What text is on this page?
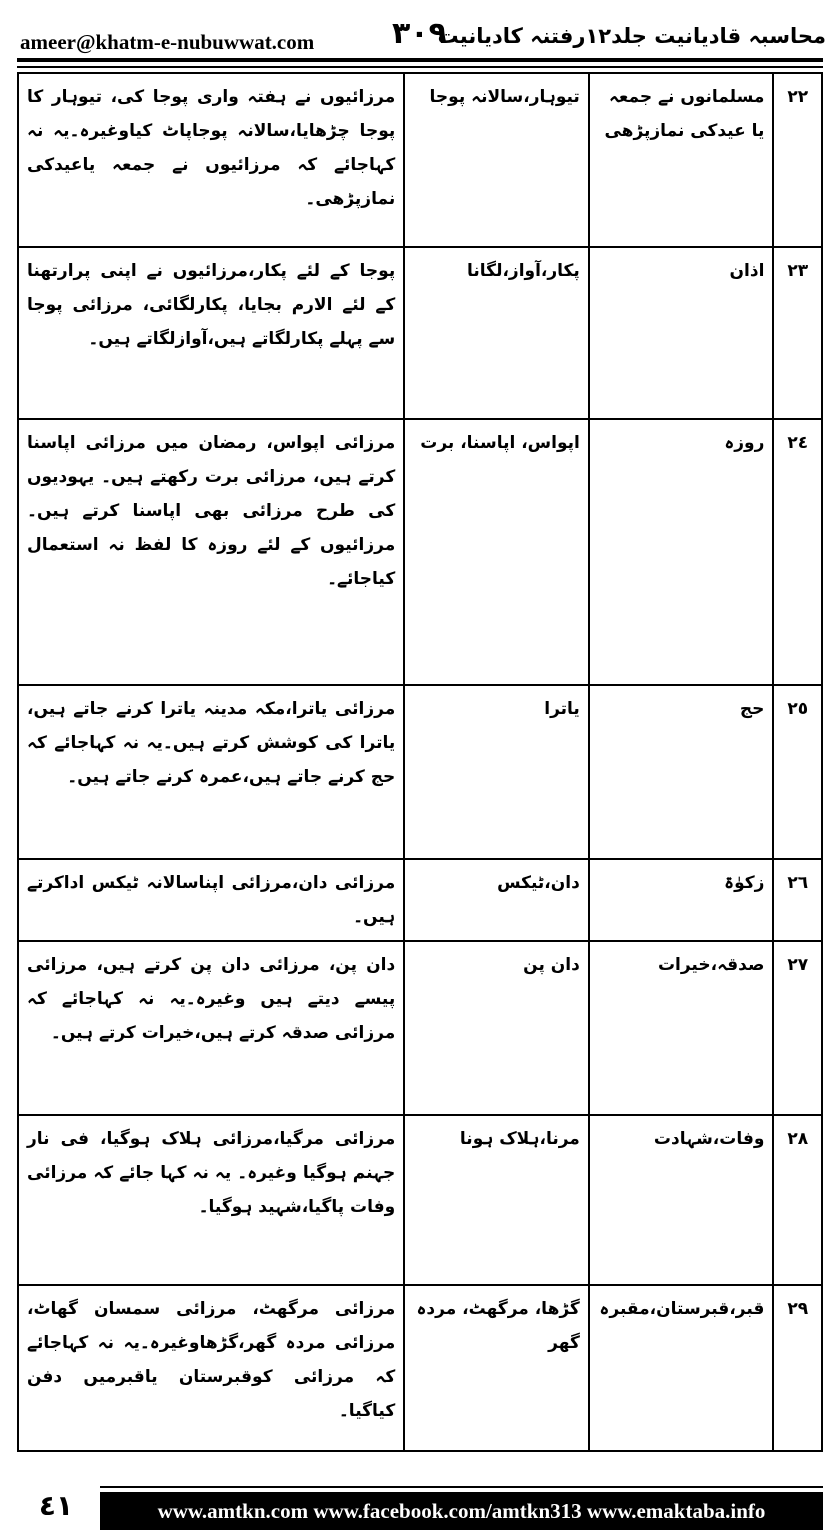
ameer@khatm-e-nubuwwat.com	٣٠٩
محاسبہ قادیانیت جلد۱۲رفتنہ کادیانیت
٢٢	مسلمانوں نے جمعہ یا عیدکی نمازپڑھی	تیوہار،سالانہ پوجا	مرزائیوں نے ہفتہ واری پوجا کی، تیوہار کا پوجا چڑھایا،سالانہ پوجاپاٹ کیاوغیرہ۔یہ نہ کہاجائے کہ مرزائیوں نے جمعہ یاعیدکی نمازپڑھی۔
٢٣	اذان	پکار،آواز،لگانا	پوجا کے لئے پکار،مرزائیوں نے اپنی پرارتھنا کے لئے الارم بجایا، پکارلگائی، مرزائی پوجا سے پہلے پکارلگاتے ہیں،آوازلگاتے ہیں۔
٢٤	روزہ	اپواس، اپاسنا، برت	مرزائی اپواس، رمضان میں مرزائی اپاسنا کرتے ہیں، مرزائی برت رکھتے ہیں۔ یہودیوں کی طرح مرزائی بھی اپاسنا کرتے ہیں۔ مرزائیوں کے لئے روزہ کا لفظ نہ استعمال کیاجائے۔
٢٥	حج	یاترا	مرزائی یاترا،مکہ مدینہ یاترا کرنے جاتے ہیں، یاترا کی کوشش کرتے ہیں۔یہ نہ کہاجائے کہ حج کرنے جاتے ہیں،عمرہ کرنے جاتے ہیں۔
٢٦	زکوٰۃ	دان،ٹیکس	مرزائی دان،مرزائی اپناسالانہ ٹیکس اداکرتے ہیں۔
٢٧	صدقہ،خیرات	دان پن	دان پن، مرزائی دان پن کرتے ہیں، مرزائی پیسے دیتے ہیں وغیرہ۔یہ نہ کہاجائے کہ مرزائی صدقہ کرتے ہیں،خیرات کرتے ہیں۔
٢٨	وفات،شہادت	مرنا،ہلاک ہونا	مرزائی مرگیا،مرزائی ہلاک ہوگیا، فی نار جہنم ہوگیا وغیرہ۔ یہ نہ کہا جائے کہ مرزائی وفات پاگیا،شہید ہوگیا۔
٢٩	قبر،قبرستان،مقبرہ	گڑھا، مرگھٹ، مردہ گھر	مرزائی مرگھٹ، مرزائی سمسان گھاٹ، مرزائی مردہ گھر،گڑھاوغیرہ۔یہ نہ کہاجائے کہ مرزائی کوقبرستان یاقبرمیں دفن کیاگیا۔
٤١	www.amtkn.com www.facebook.com/amtkn313 www.emaktaba.info
